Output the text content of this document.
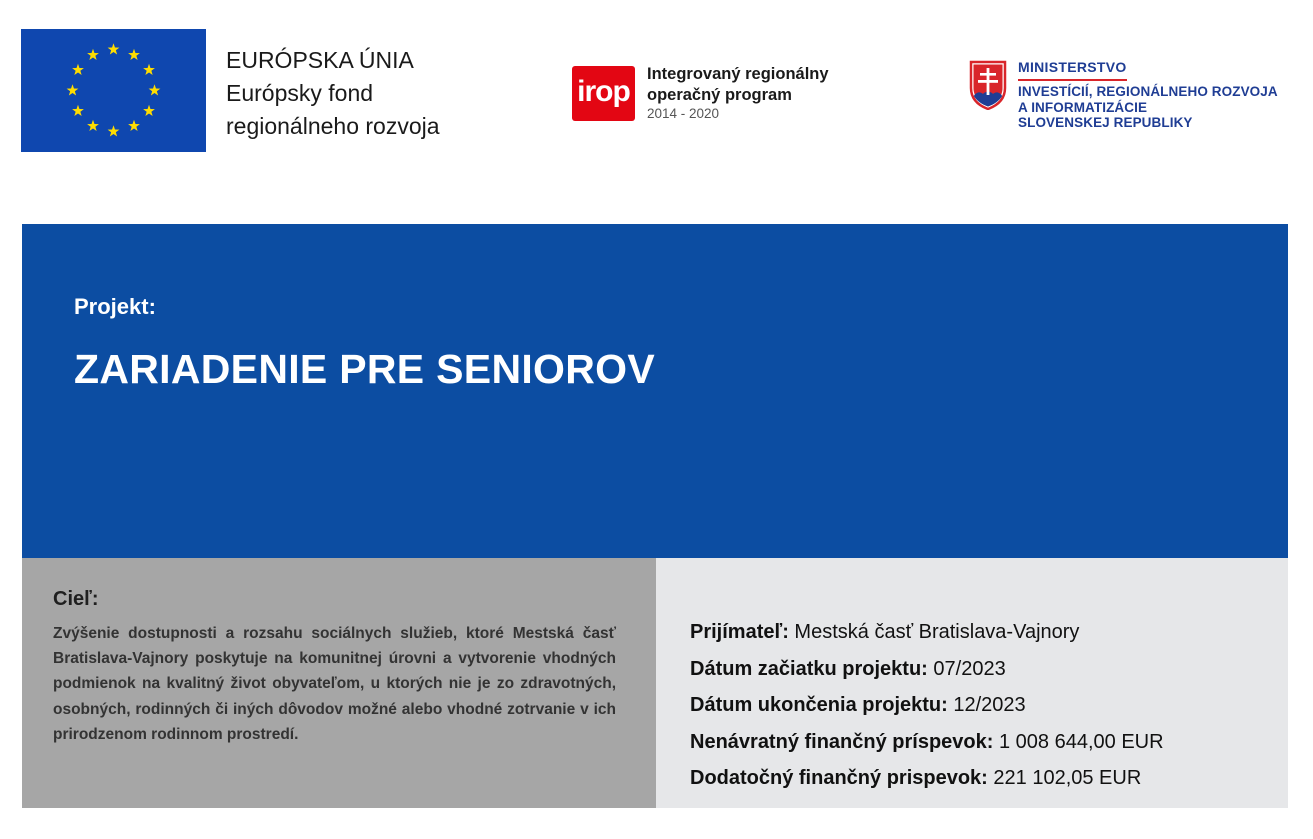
EURÓPSKA ÚNIA
Európsky fond
regionálneho rozvoja
irop
Integrovaný regionálny
operačný program
2014 - 2020
MINISTERSTVO
INVESTÍCIÍ, REGIONÁLNEHO ROZVOJA
A INFORMATIZÁCIE
SLOVENSKEJ REPUBLIKY
Projekt:
ZARIADENIE PRE SENIOROV
Cieľ:
Zvýšenie dostupnosti a rozsahu sociálnych služieb, ktoré Mestská časť Bratislava-Vajnory poskytuje na komunitnej úrovni a vytvorenie vhodných podmienok na kvalitný život obyvateľom, u ktorých nie je zo zdravotných, osobných, rodinných či iných dôvodov možné alebo vhodné zotrvanie v ich prirodzenom rodinnom prostredí.
Prijímateľ: Mestská časť Bratislava-Vajnory
Dátum začiatku projektu: 07/2023
Dátum ukončenia projektu: 12/2023
Nenávratný finančný príspevok: 1 008 644,00 EUR
Dodatočný finančný prispevok: 221 102,05 EUR
